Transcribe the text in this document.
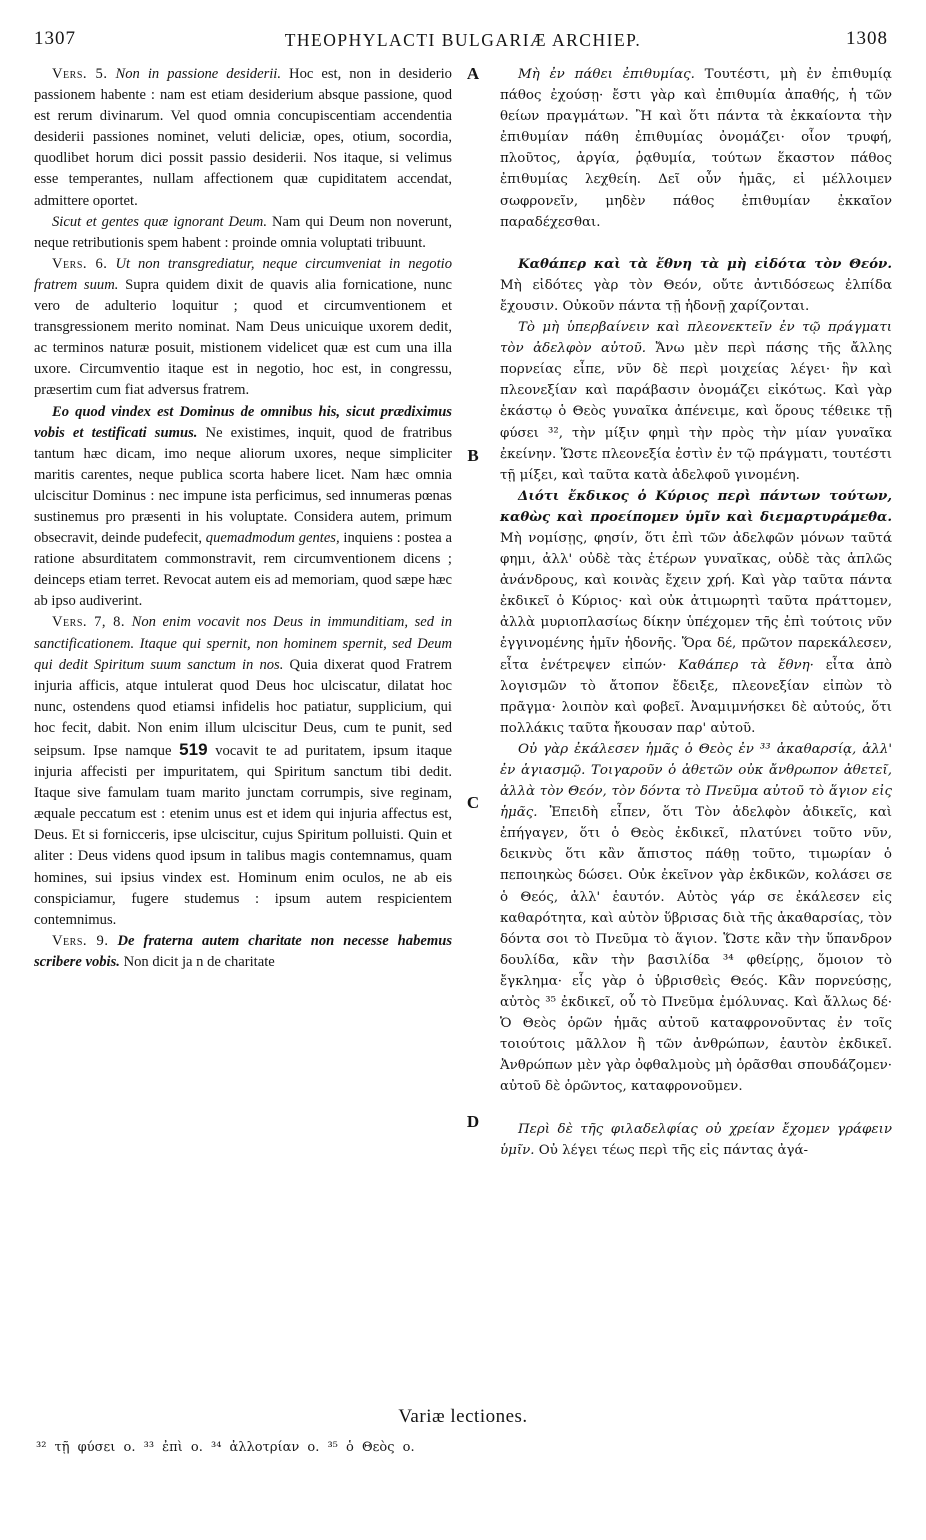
1307	THEOPHYLACTI BULGARIÆ ARCHIEP.	1308
A
B
C
D

Vers. 5. Non in passione desiderii. Hoc est, non in desiderio passionem habente : nam est etiam desiderium absque passione, quod est rerum divinarum. Vel quod omnia concupiscentiam accendentia desiderii passiones nominet, veluti deliciæ, opes, otium, socordia, quodlibet horum dici possit passio desiderii. Nos itaque, si velimus esse temperantes, nullam affectionem quæ cupiditatem accendat, admittere oportet.

Sicut et gentes quæ ignorant Deum. Nam qui Deum non noverunt, neque retributionis spem habent : proinde omnia voluptati tribuunt.

Vers. 6. Ut non transgrediatur, neque circumveniat in negotio fratrem suum. Supra quidem dixit de quavis alia fornicatione, nunc vero de adulterio loquitur ; quod et circumventionem et transgressionem merito nominat. Nam Deus unicuique uxorem dedit, ac terminos naturæ posuit, mistionem videlicet quæ est cum una illa uxore. Circumventio itaque est in negotio, hoc est, in congressu, præsertim cum fiat adversus fratrem.

Eo quod vindex est Dominus de omnibus his, sicut prædiximus vobis et testificati sumus. Ne existimes, inquit, quod de fratribus tantum hæc dicam, imo neque aliorum uxores, neque simpliciter maritis carentes, neque publica scorta habere licet. Nam hæc omnia ulciscitur Dominus : nec impune ista perficimus, sed innumeras pœnas sustinemus pro præsenti in his voluptate. Considera autem, primum obsecravit, deinde pudefecit, quemadmodum gentes, inquiens : postea a ratione absurditatem commonstravit, rem circumventionem dicens ; deinceps etiam terret. Revocat autem eis ad memoriam, quod sæpe hæc ab ipso audiverint.

Vers. 7, 8. Non enim vocavit nos Deus in immunditiam, sed in sanctificationem. Itaque qui spernit, non hominem spernit, sed Deum qui dedit Spiritum suum sanctum in nos. Quia dixerat quod Fratrem injuria afficis, atque intulerat quod Deus hoc ulciscatur, dilatat hoc nunc, ostendens quod etiamsi infidelis hoc patiatur, supplicium, qui hoc fecit, dabit. Non enim illum ulciscitur Deus, cum te punit, sed seipsum. Ipse namque 519 vocavit te ad puritatem, ipsum itaque injuria affecisti per impuritatem, qui Spiritum sanctum tibi dedit. Itaque sive famulam tuam marito junctam corrumpis, sive reginam, æquale peccatum est : etenim unus est et idem qui injuria affectus est, Deus. Et si fornicceris, ipse ulciscitur, cujus Spiritum polluisti. Quin et aliter : Deus videns quod ipsum in talibus magis contemnamus, quam homines, sui ipsius vindex est. Hominum enim oculos, ne ab eis conspiciamur, fugere studemus : ipsum autem respicientem contemnimus.

Vers. 9. De fraterna autem charitate non necesse habemus scribere vobis. Non dicit ja n de charitate

Μὴ ἐν πάθει ἐπιθυμίας. Τουτέστι, μὴ ἐν ἐπιθυμίᾳ πάθος ἐχούσῃ· ἔστι γὰρ καὶ ἐπιθυμία ἀπαθής, ἡ τῶν θείων πραγμάτων. Ἢ καὶ ὅτι πάντα τὰ ἐκκαίοντα τὴν ἐπιθυμίαν πάθη ἐπιθυμίας ὀνομάζει· οἷον τρυφή, πλοῦτος, ἀργία, ῥᾳθυμία, τούτων ἕκαστον πάθος ἐπιθυμίας λεχθείη. Δεῖ οὖν ἡμᾶς, εἰ μέλλοιμεν σωφρονεῖν, μηδὲν πάθος ἐπιθυμίαν ἐκκαῖον παραδέχεσθαι.

Καθάπερ καὶ τὰ ἔθνη τὰ μὴ εἰδότα τὸν Θεόν. Μὴ εἰδότες γὰρ τὸν Θεόν, οὔτε ἀντιδόσεως ἐλπίδα ἔχουσιν. Οὐκοῦν πάντα τῇ ἡδονῇ χαρίζονται.

Τὸ μὴ ὑπερβαίνειν καὶ πλεονεκτεῖν ἐν τῷ πράγματι τὸν ἀδελφὸν αὐτοῦ. Ἄνω μὲν περὶ πάσης τῆς ἄλλης πορνείας εἶπε, νῦν δὲ περὶ μοιχείας λέγει· ἣν καὶ πλεονεξίαν καὶ παράβασιν ὀνομάζει εἰκότως. Καὶ γὰρ ἑκάστῳ ὁ Θεὸς γυναῖκα ἀπένειμε, καὶ ὅρους τέθεικε τῇ φύσει ³², τὴν μίξιν φημὶ τὴν πρὸς τὴν μίαν γυναῖκα ἐκείνην. Ὥστε πλεονεξία ἐστὶν ἐν τῷ πράγματι, τουτέστι τῇ μίξει, καὶ ταῦτα κατὰ ἀδελφοῦ γινομένη.

Διότι ἔκδικος ὁ Κύριος περὶ πάντων τούτων, καθὼς καὶ προείπομεν ὑμῖν καὶ διεμαρτυράμεθα. Μὴ νομίσῃς, φησίν, ὅτι ἐπὶ τῶν ἀδελφῶν μόνων ταῦτά φημι, ἀλλ' οὐδὲ τὰς ἑτέρων γυναῖκας, οὐδὲ τὰς ἁπλῶς ἀνάνδρους, καὶ κοινὰς ἔχειν χρή. Καὶ γὰρ ταῦτα πάντα ἐκδικεῖ ὁ Κύριος· καὶ οὐκ ἀτιμωρητὶ ταῦτα πράττομεν, ἀλλὰ μυριοπλασίως δίκην ὑπέχομεν τῆς ἐπὶ τούτοις νῦν ἐγγινομένης ἡμῖν ἡδονῆς. Ὅρα δέ, πρῶτον παρεκάλεσεν, εἶτα ἐνέτρεψεν εἰπών· Καθάπερ τὰ ἔθνη· εἶτα ἀπὸ λογισμῶν τὸ ἄτοπον ἔδειξε, πλεονεξίαν εἰπὼν τὸ πρᾶγμα· λοιπὸν καὶ φοβεῖ. Ἀναμιμνήσκει δὲ αὐτούς, ὅτι πολλάκις ταῦτα ἤκουσαν παρ' αὐτοῦ.

Οὐ γὰρ ἐκάλεσεν ἡμᾶς ὁ Θεὸς ἐν ³³ ἀκαθαρσίᾳ, ἀλλ' ἐν ἁγιασμῷ. Τοιγαροῦν ὁ ἀθετῶν οὐκ ἄνθρωπον ἀθετεῖ, ἀλλὰ τὸν Θεόν, τὸν δόντα τὸ Πνεῦμα αὐτοῦ τὸ ἅγιον εἰς ἡμᾶς. Ἐπειδὴ εἶπεν, ὅτι Τὸν ἀδελφὸν ἀδικεῖς, καὶ ἐπήγαγεν, ὅτι ὁ Θεὸς ἐκδικεῖ, πλατύνει τοῦτο νῦν, δεικνὺς ὅτι κἂν ἄπιστος πάθῃ τοῦτο, τιμωρίαν ὁ πεποιηκὼς δώσει. Οὐκ ἐκεῖνον γὰρ ἐκδικῶν, κολάσει σε ὁ Θεός, ἀλλ' ἑαυτόν. Αὐτὸς γάρ σε ἐκάλεσεν εἰς καθαρότητα, καὶ αὐτὸν ὕβρισας διὰ τῆς ἀκαθαρσίας, τὸν δόντα σοι τὸ Πνεῦμα τὸ ἅγιον. Ὥστε κἂν τὴν ὕπανδρον δουλίδα, κἂν τὴν βασιλίδα ³⁴ φθείρῃς, ὅμοιον τὸ ἔγκλημα· εἷς γὰρ ὁ ὑβρισθεὶς Θεός. Κἂν πορνεύσῃς, αὐτὸς ³⁵ ἐκδικεῖ, οὗ τὸ Πνεῦμα ἐμόλυνας. Καὶ ἄλλως δέ· Ὁ Θεὸς ὁρῶν ἡμᾶς αὐτοῦ καταφρονοῦντας ἐν τοῖς τοιούτοις μᾶλλον ἢ τῶν ἀνθρώπων, ἑαυτὸν ἐκδικεῖ. Ἀνθρώπων μὲν γὰρ ὀφθαλμοὺς μὴ ὁρᾶσθαι σπουδάζομεν· αὐτοῦ δὲ ὁρῶντος, καταφρονοῦμεν.

Περὶ δὲ τῆς φιλαδελφίας οὐ χρείαν ἔχομεν γράφειν ὑμῖν. Οὐ λέγει τέως περὶ τῆς εἰς πάντας ἀγά-

Variæ lectiones.
³² τῇ φύσει ο. ³³ ἐπὶ ο. ³⁴ ἀλλοτρίαν ο. ³⁵ ὁ Θεὸς ο.
